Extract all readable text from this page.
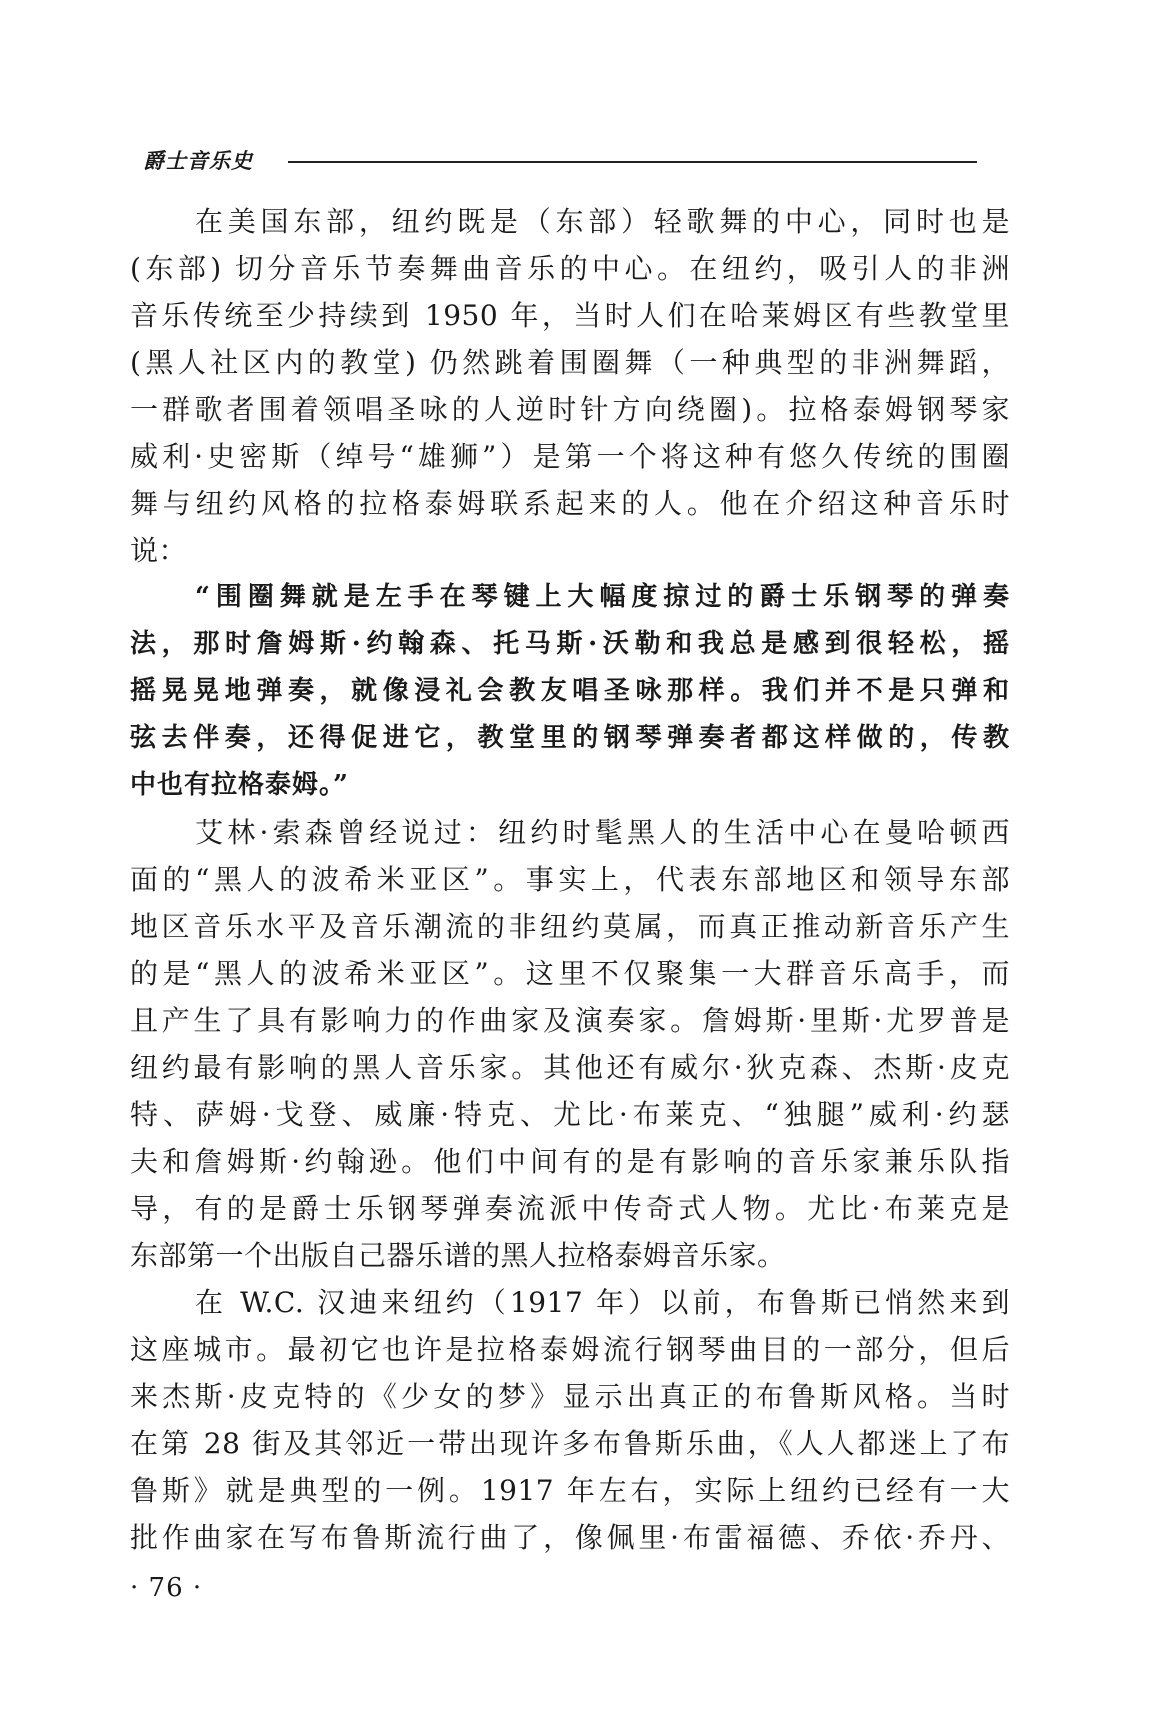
爵士音乐史
在美国东部，纽约既是（东部）轻歌舞的中心，同时也是
(东部) 切分音乐节奏舞曲音乐的中心。在纽约，吸引人的非洲
音乐传统至少持续到 1950 年，当时人们在哈莱姆区有些教堂里
(黑人社区内的教堂) 仍然跳着围圈舞（一种典型的非洲舞蹈，
一群歌者围着领唱圣咏的人逆时针方向绕圈)。拉格泰姆钢琴家
威利·史密斯（绰号“雄狮”）是第一个将这种有悠久传统的围圈
舞与纽约风格的拉格泰姆联系起来的人。他在介绍这种音乐时
说：
“围圈舞就是左手在琴键上大幅度掠过的爵士乐钢琴的弹奏
法，那时詹姆斯·约翰森、托马斯·沃勒和我总是感到很轻松，摇
摇晃晃地弹奏，就像浸礼会教友唱圣咏那样。我们并不是只弹和
弦去伴奏，还得促进它，教堂里的钢琴弹奏者都这样做的，传教
中也有拉格泰姆。”
艾林·索森曾经说过：纽约时髦黑人的生活中心在曼哈顿西
面的“黑人的波希米亚区”。事实上，代表东部地区和领导东部
地区音乐水平及音乐潮流的非纽约莫属，而真正推动新音乐产生
的是“黑人的波希米亚区”。这里不仅聚集一大群音乐高手，而
且产生了具有影响力的作曲家及演奏家。詹姆斯·里斯·尤罗普是
纽约最有影响的黑人音乐家。其他还有威尔·狄克森、杰斯·皮克
特、萨姆·戈登、威廉·特克、尤比·布莱克、“独腿”威利·约瑟
夫和詹姆斯·约翰逊。他们中间有的是有影响的音乐家兼乐队指
导，有的是爵士乐钢琴弹奏流派中传奇式人物。尤比·布莱克是
东部第一个出版自己器乐谱的黑人拉格泰姆音乐家。
在 W.C. 汉迪来纽约（1917 年）以前，布鲁斯已悄然来到
这座城市。最初它也许是拉格泰姆流行钢琴曲目的一部分，但后
来杰斯·皮克特的《少女的梦》显示出真正的布鲁斯风格。当时
在第 28 街及其邻近一带出现许多布鲁斯乐曲，《人人都迷上了布
鲁斯》就是典型的一例。1917 年左右，实际上纽约已经有一大
批作曲家在写布鲁斯流行曲了，像佩里·布雷福德、乔依·乔丹、
· 76 ·
